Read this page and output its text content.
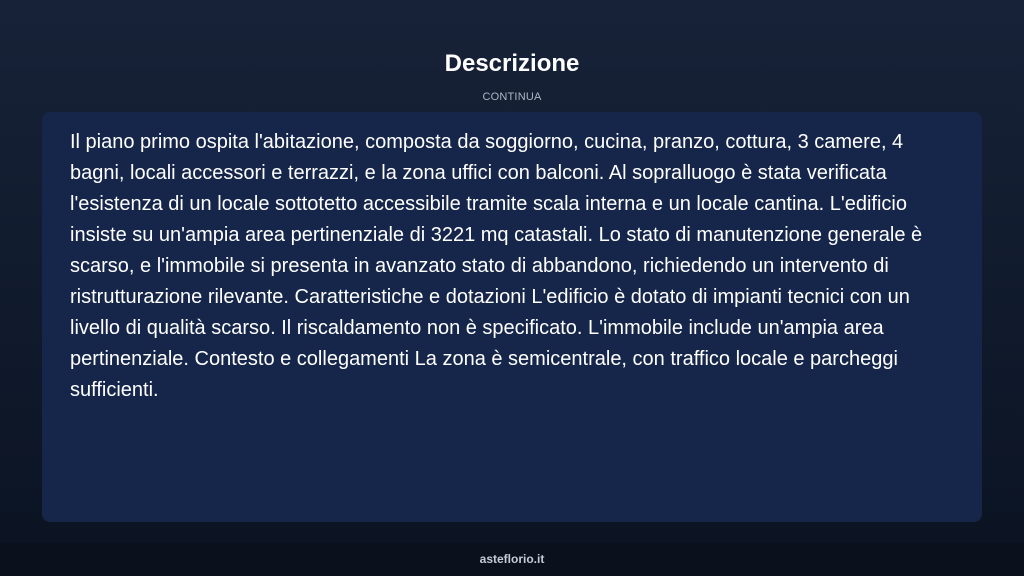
Descrizione
CONTINUA

Il piano primo ospita l'abitazione, composta da soggiorno, cucina, pranzo, cottura, 3 camere, 4 bagni, locali accessori e terrazzi, e la zona uffici con balconi. Al sopralluogo è stata verificata l'esistenza di un locale sottotetto accessibile tramite scala interna e un locale cantina. L'edificio insiste su un'ampia area pertinenziale di 3221 mq catastali. Lo stato di manutenzione generale è scarso, e l'immobile si presenta in avanzato stato di abbandono, richiedendo un intervento di ristrutturazione rilevante. Caratteristiche e dotazioni L'edificio è dotato di impianti tecnici con un livello di qualità scarso. Il riscaldamento non è specificato. L'immobile include un'ampia area pertinenziale. Contesto e collegamenti La zona è semicentrale, con traffico locale e parcheggi sufficienti.

asteflorio.it
